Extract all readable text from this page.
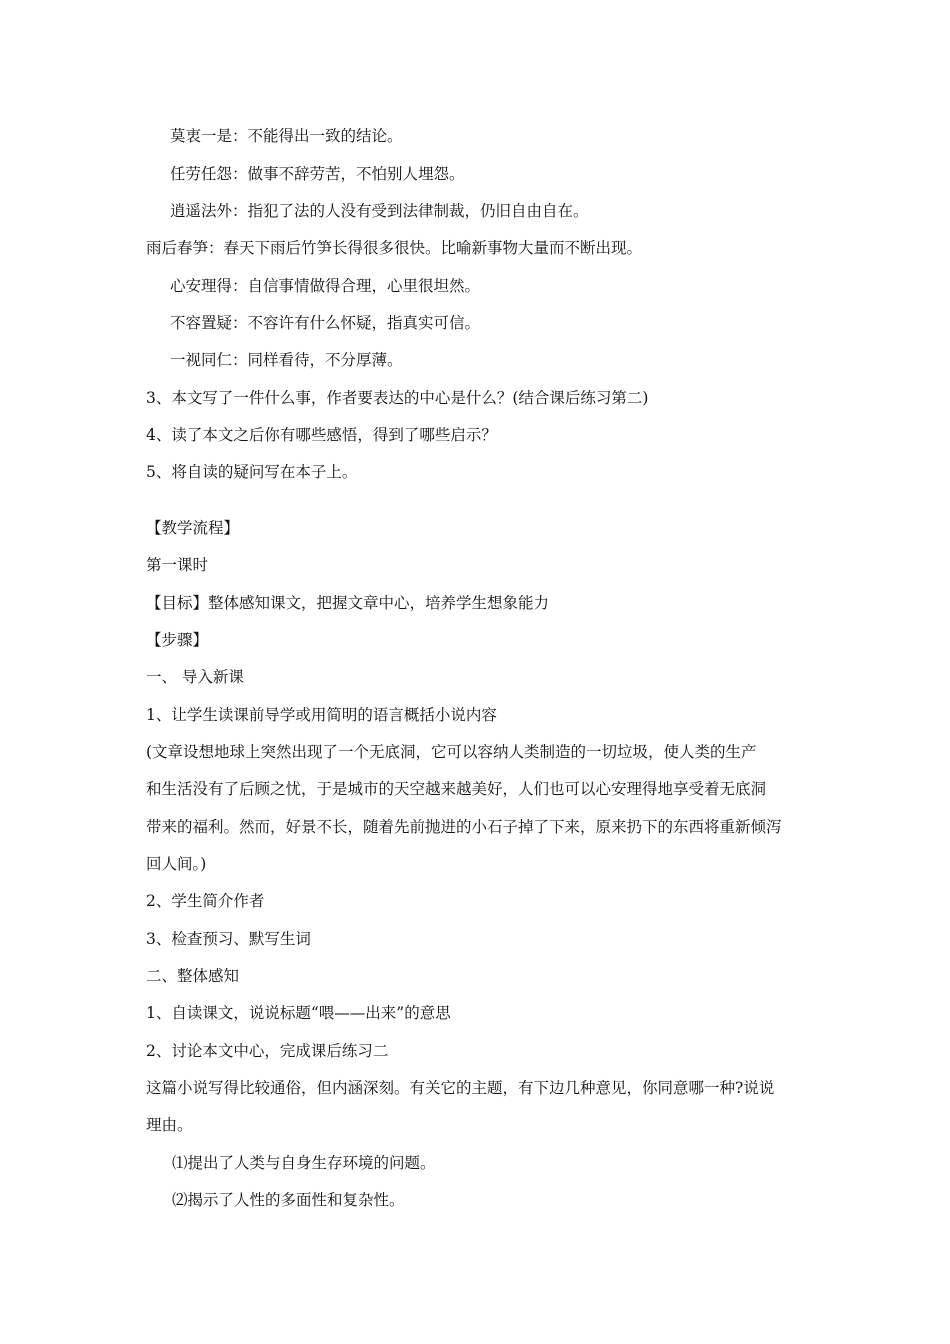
莫衷一是：不能得出一致的结论。
任劳任怨：做事不辞劳苦，不怕别人埋怨。
逍遥法外：指犯了法的人没有受到法律制裁，仍旧自由自在。
雨后春笋：春天下雨后竹笋长得很多很快。比喻新事物大量而不断出现。
心安理得：自信事情做得合理，心里很坦然。
不容置疑：不容许有什么怀疑，指真实可信。
一视同仁：同样看待，不分厚薄。
3、本文写了一件什么事，作者要表达的中心是什么？(结合课后练习第二)
4、读了本文之后你有哪些感悟，得到了哪些启示？
5、将自读的疑问写在本子上。
【教学流程】
第一课时
【目标】整体感知课文，把握文章中心，培养学生想象能力
【步骤】
一、 导入新课
1、让学生读课前导学或用简明的语言概括小说内容
(文章设想地球上突然出现了一个无底洞，它可以容纳人类制造的一切垃圾，使人类的生产
和生活没有了后顾之忧，于是城市的天空越来越美好，人们也可以心安理得地享受着无底洞
带来的福利。然而，好景不长，随着先前抛进的小石子掉了下来，原来扔下的东西将重新倾泻
回人间。)
2、学生简介作者
3、检查预习、默写生词
二、整体感知
1、自读课文，说说标题“喂——出来”的意思
2、讨论本文中心，完成课后练习二
这篇小说写得比较通俗，但内涵深刻。有关它的主题，有下边几种意见，你同意哪一种?说说
理由。
⑴提出了人类与自身生存环境的问题。
⑵揭示了人性的多面性和复杂性。
